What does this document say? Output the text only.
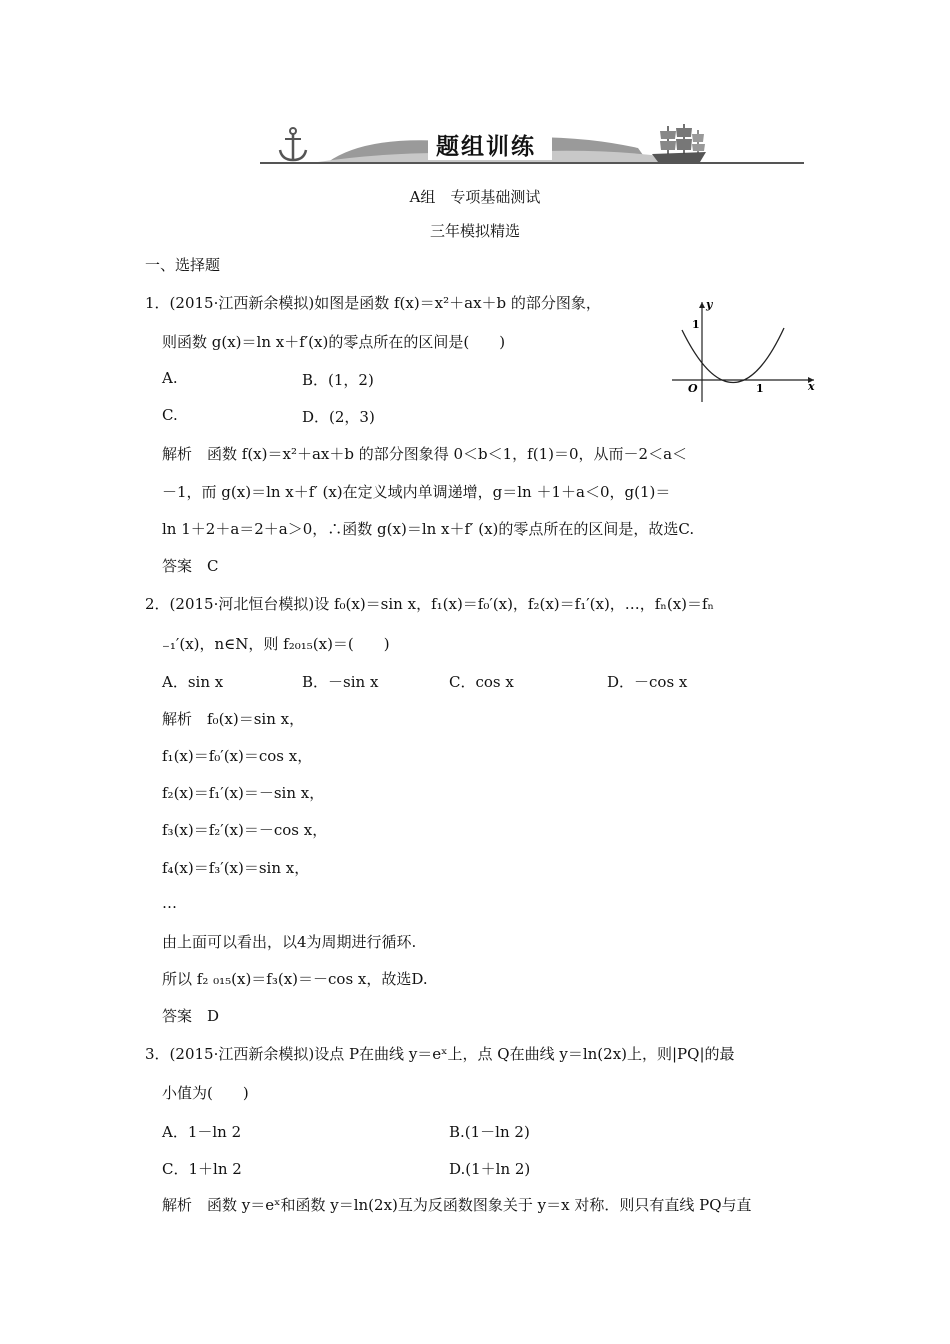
题组训练
A组　专项基础测试
三年模拟精选
一、选择题
1．(2015·江西新余模拟)如图是函数 f(x)＝x²＋ax＋b 的部分图象，
则函数 g(x)＝ln x＋f′(x)的零点所在的区间是(　　)
A.	B．(1，2)
C.	D．(2，3)
y
x
O
1
1
解析　函数 f(x)＝x²＋ax＋b 的部分图象得 0＜b＜1，f(1)＝0，从而－2＜a＜
－1，而 g(x)＝ln x＋f′ (x)在定义域内单调递增，g＝ln ＋1＋a＜0，g(1)＝
ln 1＋2＋a＝2＋a＞0，∴函数 g(x)＝ln x＋f′ (x)的零点所在的区间是，故选C.
答案　C
2．(2015·河北恒台模拟)设 f₀(x)＝sin x，f₁(x)＝f₀′(x)，f₂(x)＝f₁′(x)，…，fₙ(x)＝fₙ
₋₁′(x)，n∈N，则 f₂₀₁₅(x)＝(　　)
A．sin x	B．－sin x	C．cos x	D．－cos x
解析　f₀(x)＝sin x，
f₁(x)＝f₀′(x)＝cos x，
f₂(x)＝f₁′(x)＝－sin x，
f₃(x)＝f₂′(x)＝－cos x，
f₄(x)＝f₃′(x)＝sin x，
…
由上面可以看出，以4为周期进行循环.
所以 f₂ ₀₁₅(x)＝f₃(x)＝－cos x，故选D.
答案　D
3．(2015·江西新余模拟)设点 P在曲线 y＝eˣ上，点 Q在曲线 y＝ln(2x)上，则|PQ|的最
小值为(　　)
A．1－ln 2	B.(1－ln 2)
C．1＋ln 2	D.(1＋ln 2)
解析　函数 y＝eˣ和函数 y＝ln(2x)互为反函数图象关于 y＝x 对称．则只有直线 PQ与直
